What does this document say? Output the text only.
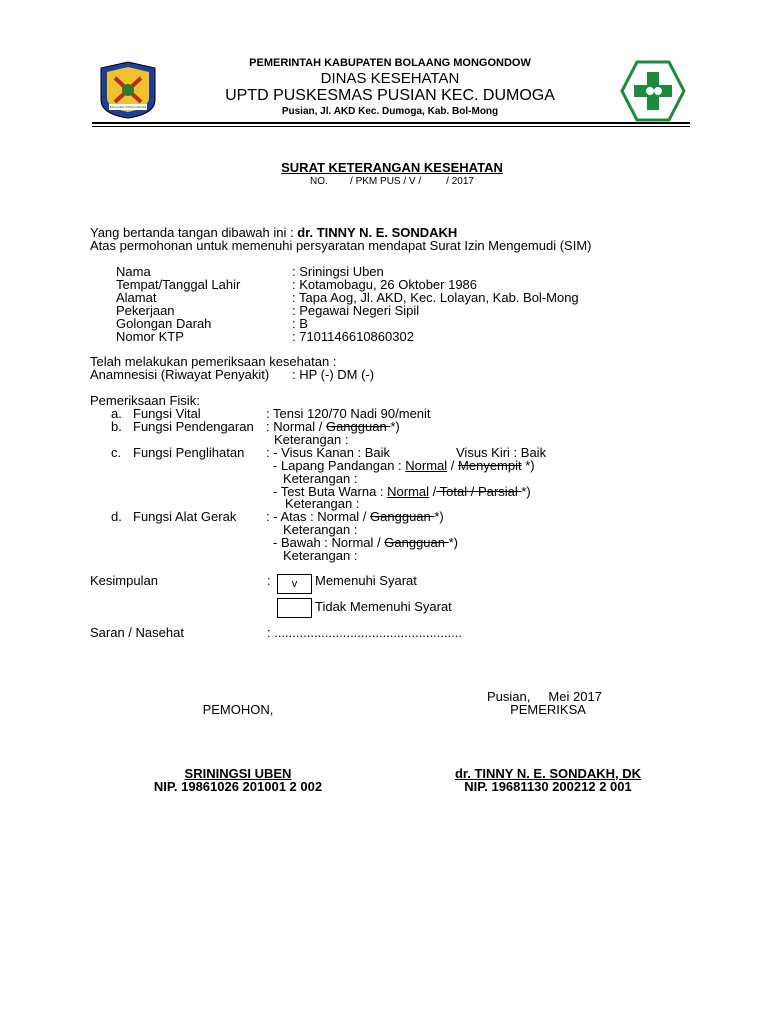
BOLAANG MONGONDOW
PEMERINTAH KABUPATEN BOLAANG MONGONDOW
DINAS KESEHATAN
UPTD PUSKESMAS PUSIAN KEC. DUMOGA
Pusian, Jl. AKD Kec. Dumoga, Kab. Bol-Mong
SURAT KETERANGAN KESEHATAN
NO.        / PKM PUS / V /         / 2017
Yang bertanda tangan dibawah ini : dr. TINNY N. E. SONDAKH
Atas permohonan untuk memenuhi persyaratan mendapat Surat Izin Mengemudi (SIM)
Nama	: Sriningsi Uben
Tempat/Tanggal Lahir	: Kotamobagu, 26 Oktober 1986
Alamat	: Tapa Aog, Jl. AKD, Kec. Lolayan, Kab. Bol-Mong
Pekerjaan	: Pegawai Negeri Sipil
Golongan Darah	: B
Nomor KTP	: 7101146610860302
Telah melakukan pemeriksaan kesehatan :
Anamnesisi (Riwayat Penyakit) : HP (-) DM (-)
Pemeriksaan Fisik:
a. Fungsi Vital	: Tensi 120/70 Nadi 90/menit
b. Fungsi Pendengaran : Normal / Gangguan *)
Keterangan :
c. Fungsi Penglihatan : - Visus Kanan : Baik	Visus Kiri : Baik
- Lapang Pandangan : Normal / Menyempit *)
Keterangan :
- Test Buta Warna : Normal / Total / Parsial *)
Keterangan :
d. Fungsi Alat Gerak : - Atas : Normal / Gangguan *)
Keterangan :
- Bawah : Normal / Gangguan *)
Keterangan :
Kesimpulan	:	v	Memenuhi Syarat
Tidak Memenuhi Syarat
Saran / Nasehat	: ....................................................
Pusian,     Mei 2017
PEMOHON,	PEMERIKSA
SRININGSI UBEN
NIP. 19861026 201001 2 002
dr. TINNY N. E. SONDAKH, DK
NIP. 19681130 200212 2 001
